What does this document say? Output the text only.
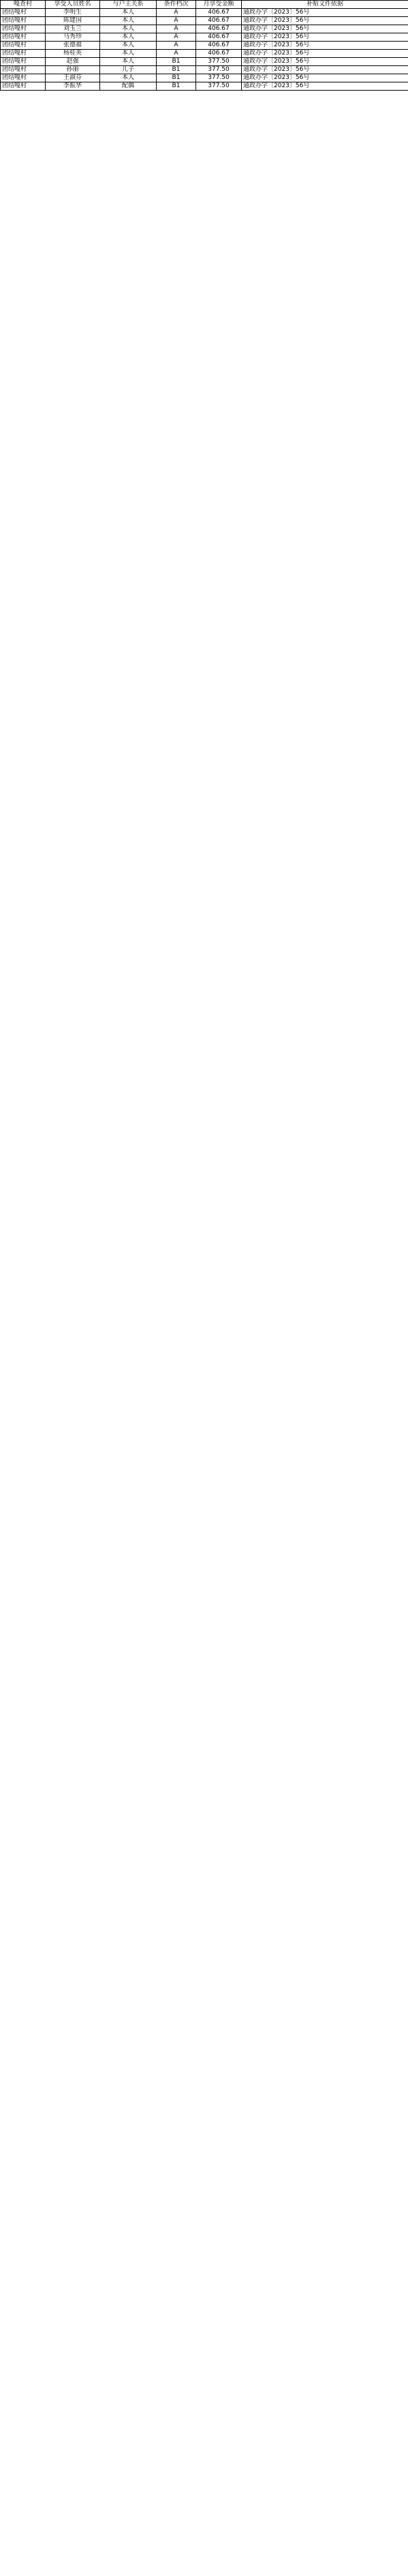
嘎查村	享受人员姓名	与户主关系	条件档次	月享受金额	补贴文件依据
团结嘎村	李明生	本人	A	406.67	通政办字〔2023〕56号
团结嘎村	陈建国	本人	A	406.67	通政办字〔2023〕56号
团结嘎村	刘玉兰	本人	A	406.67	通政办字〔2023〕56号
团结嘎村	马秀珍	本人	A	406.67	通政办字〔2023〕56号
团结嘎村	张德福	本人	A	406.67	通政办字〔2023〕56号
团结嘎村	杨桂英	本人	A	406.67	通政办字〔2023〕56号
团结嘎村	赵强	本人	B1	377.50	通政办字〔2023〕56号
团结嘎村	孙丽	儿子	B1	377.50	通政办字〔2023〕56号
团结嘎村	王淑芬	本人	B1	377.50	通政办字〔2023〕56号
团结嘎村	李振华	配偶	B1	377.50	通政办字〔2023〕56号
